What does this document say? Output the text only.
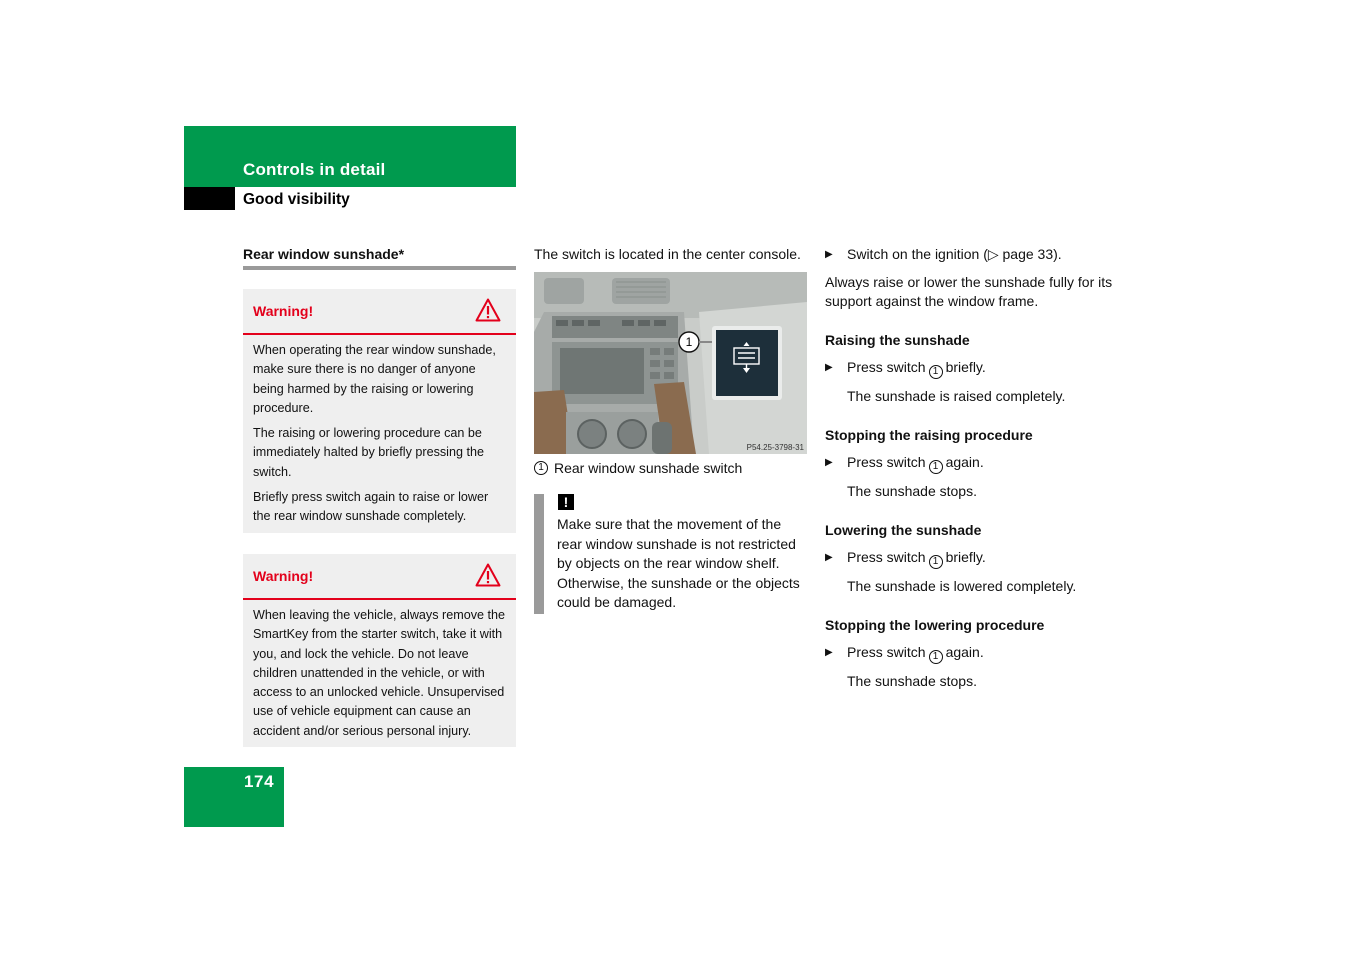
Controls in detail
Good visibility
Rear window sunshade*
Warning!

When operating the rear window sunshade, make sure there is no danger of anyone being harmed by the raising or lowering procedure.

The raising or lowering procedure can be immediately halted by briefly pressing the switch.

Briefly press switch again to raise or lower the rear window sunshade completely.

Warning!

When leaving the vehicle, always remove the SmartKey from the starter switch, take it with you, and lock the vehicle. Do not leave children unattended in the vehicle, or with access to an unlocked vehicle. Unsupervised use of vehicle equipment can cause an accident and/or serious personal injury.

The switch is located in the center console.
1
P54.25-3798-31
1 Rear window sunshade switch
!
Make sure that the movement of the rear window sunshade is not restricted by objects on the rear window shelf. Otherwise, the sunshade or the objects could be damaged.
▶	Switch on the ignition (▷ page 33).
Always raise or lower the sunshade fully for its support against the window frame.
Raising the sunshade
▶	Press switch 1 briefly.
The sunshade is raised completely.
Stopping the raising procedure
▶	Press switch 1 again.
The sunshade stops.
Lowering the sunshade
▶	Press switch 1 briefly.
The sunshade is lowered completely.
Stopping the lowering procedure
▶	Press switch 1 again.
The sunshade stops.
174
